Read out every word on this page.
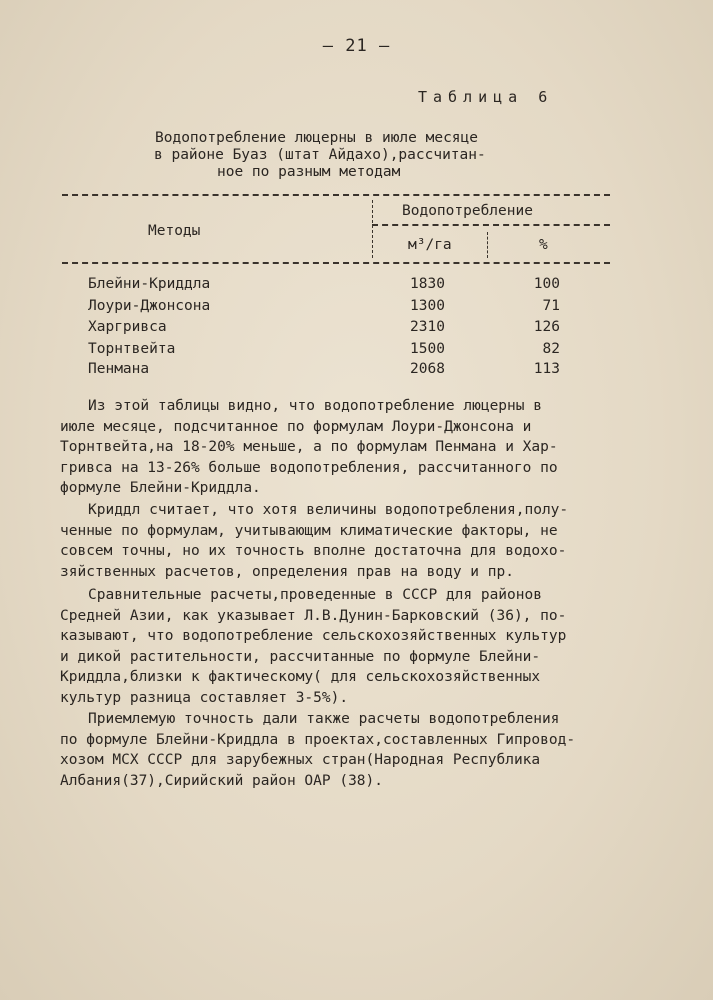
— 21 —
Таблица 6
Водопотребление люцерны в июле месяце
в районе Буаз (штат Айдахо),рассчитан-
ное по разным методам
Методы
Водопотребление
м³/га	%
Блейни-Криддла	1830	100
Лоури-Джонсона	1300	71
Харгривса	2310	126
Торнтвейта	1500	82
Пенмана	2068	113
Из этой таблицы видно, что водопотребление люцерны в
июле месяце, подсчитанное по формулам Лоури-Джонсона и
Торнтвейта,на 18-20% меньше, а по формулам Пенмана и Хар-
гривса на 13-26% больше водопотребления, рассчитанного по
формуле Блейни-Криддла.
Криддл считает, что хотя величины водопотребления,полу-
ченные по формулам, учитывающим климатические факторы, не
совсем точны, но их точность вполне достаточна для водохо-
зяйственных расчетов, определения прав на воду и пр.
Сравнительные расчеты,проведенные в СССР для районов
Средней Азии, как указывает Л.В.Дунин-Барковский (36), по-
казывают, что водопотребление сельскохозяйственных культур
и дикой растительности, рассчитанные по формуле Блейни-
Криддла,близки к фактическому( для сельскохозяйственных
культур разница составляет 3-5%).
Приемлемую точность дали также расчеты водопотребления
по формуле Блейни-Криддла в проектах,составленных Гипровод-
хозом МСХ СССР для зарубежных стран(Народная Республика
Албания(37),Сирийский район ОАР (38).
